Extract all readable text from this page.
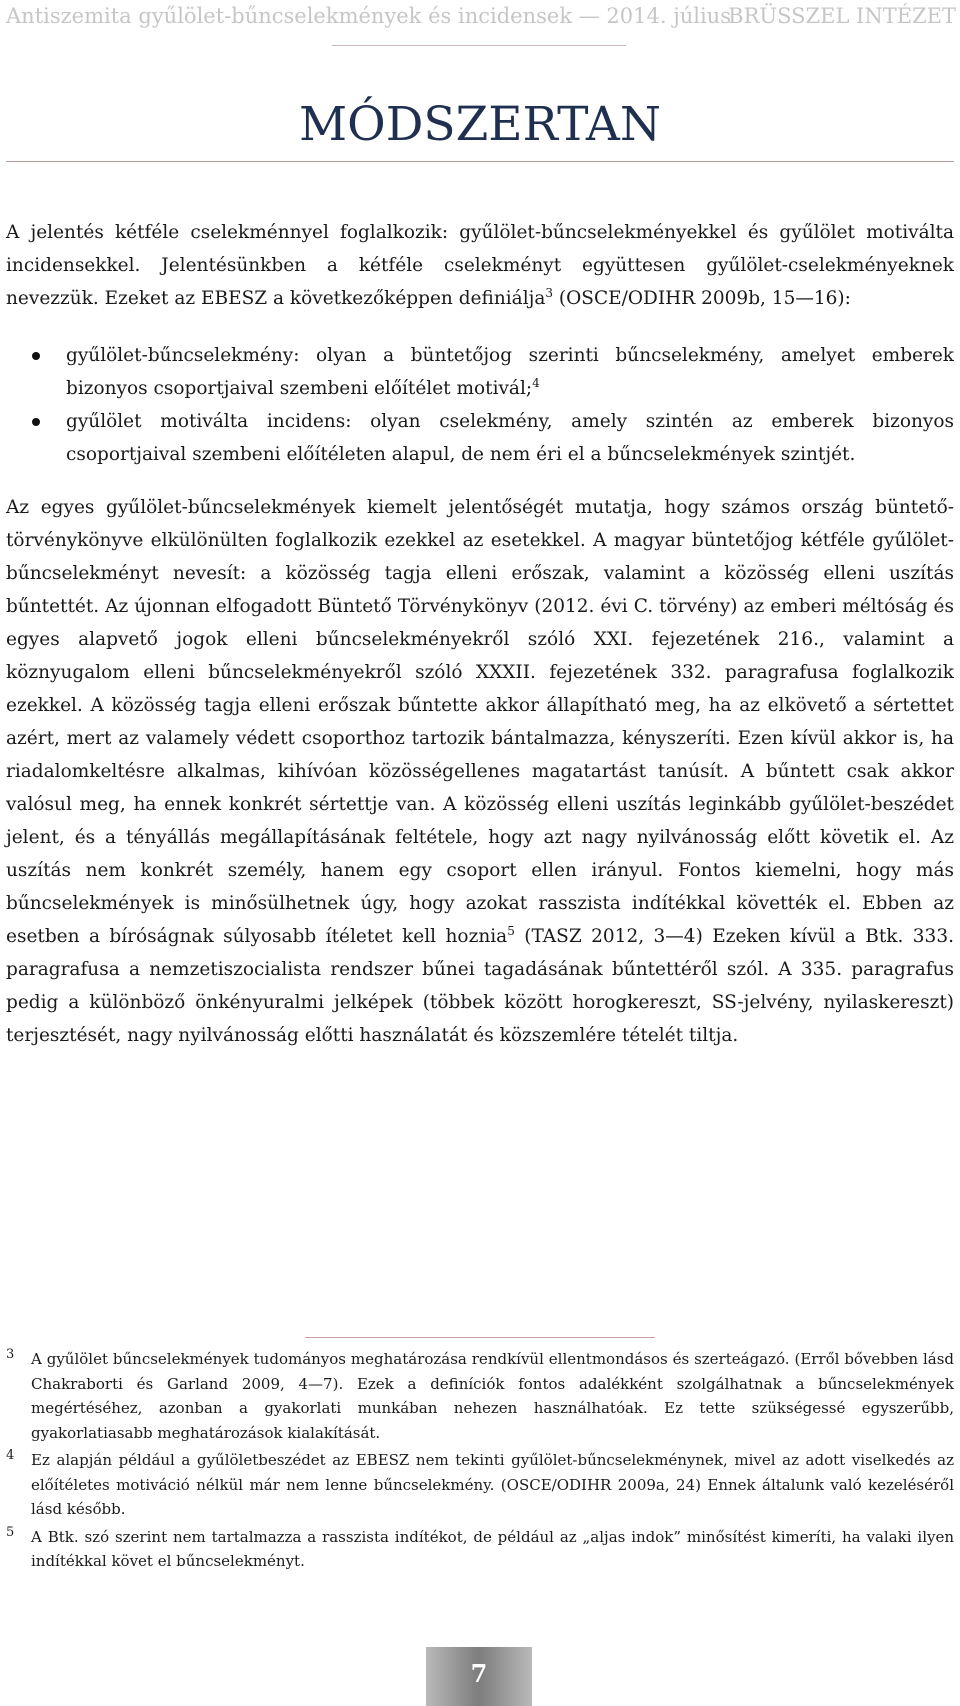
Antiszemita gyűlölet-bűncselekmények és incidensek — 2014. július
BRÜSSZEL INTÉZET
MÓDSZERTAN

A jelentés kétféle cselekménnyel foglalkozik: gyűlölet-bűncselekményekkel és gyűlölet motiválta incidensekkel. Jelentésünkben a kétféle cselekményt együttesen gyűlölet-cselekményeknek nevezzük. Ezeket az EBESZ a következőképpen definiálja$^3$ (OSCE/ODIHR 2009b, 15—16):

gyűlölet-bűncselekmény: olyan a büntetőjog szerinti bűncselekmény, amelyet emberek bizonyos csoportjaival szembeni előítélet motivál;$^4$
gyűlölet motiválta incidens: olyan cselekmény, amely szintén az emberek bizonyos csoportjaival szembeni előítéleten alapul, de nem éri el a bűncselekmények szintjét.

Az egyes gyűlölet-bűncselekmények kiemelt jelentőségét mutatja, hogy számos ország büntető-törvénykönyve elkülönülten foglalkozik ezekkel az esetekkel. A magyar büntetőjog kétféle gyűlölet-bűncselekményt nevesít: a közösség tagja elleni erőszak, valamint a közösség elleni uszítás bűntettét. Az újonnan elfogadott Büntető Törvénykönyv (2012. évi C. törvény) az emberi méltóság és egyes alapvető jogok elleni bűncselekményekről szóló XXI. fejezetének 216., valamint a köznyugalom elleni bűncselekményekről szóló XXXII. fejezetének 332. paragrafusa foglalkozik ezekkel. A közösség tagja elleni erőszak bűntette akkor állapítható meg, ha az elkövető a sértettet azért, mert az valamely védett csoporthoz tartozik bántalmazza, kényszeríti. Ezen kívül akkor is, ha riadalomkeltésre alkalmas, kihívóan közösségellenes magatartást tanúsít. A bűntett csak akkor valósul meg, ha ennek konkrét sértettje van. A közösség elleni uszítás leginkább gyűlölet-beszédet jelent, és a tényállás megállapításának feltétele, hogy azt nagy nyilvánosság előtt követik el. Az uszítás nem konkrét személy, hanem egy csoport ellen irányul. Fontos kiemelni, hogy más bűncselekmények is minősülhetnek úgy, hogy azokat rasszista indítékkal követték el. Ebben az esetben a bíróságnak súlyosabb ítéletet kell hoznia$^5$ (TASZ 2012, 3—4) Ezeken kívül a Btk. 333. paragrafusa a nemzetiszocialista rendszer bűnei tagadásának bűntettéről szól. A 335. paragrafus pedig a különböző önkényuralmi jelképek (többek között horogkereszt, SS-jelvény, nyilaskereszt) terjesztését, nagy nyilvánosság előtti használatát és közszemlére tételét tiltja.

3 A gyűlölet bűncselekmények tudományos meghatározása rendkívül ellentmondásos és szerteágazó. (Erről bővebben lásd Chakraborti és Garland 2009, 4—7). Ezek a definíciók fontos adalékként szolgálhatnak a bűncselekmények megértéséhez, azonban a gyakorlati munkában nehezen használhatóak. Ez tette szükségessé egyszerűbb, gyakorlatiasabb meghatározások kialakítását.
4 Ez alapján például a gyűlöletbeszédet az EBESZ nem tekinti gyűlölet-bűncselekménynek, mivel az adott viselkedés az előítéletes motiváció nélkül már nem lenne bűncselekmény. (OSCE/ODIHR 2009a, 24) Ennek általunk való kezeléséről lásd később.
5 A Btk. szó szerint nem tartalmazza a rasszista indítékot, de például az „aljas indok” minősítést kimeríti, ha valaki ilyen indítékkal követ el bűncselekményt.
7
